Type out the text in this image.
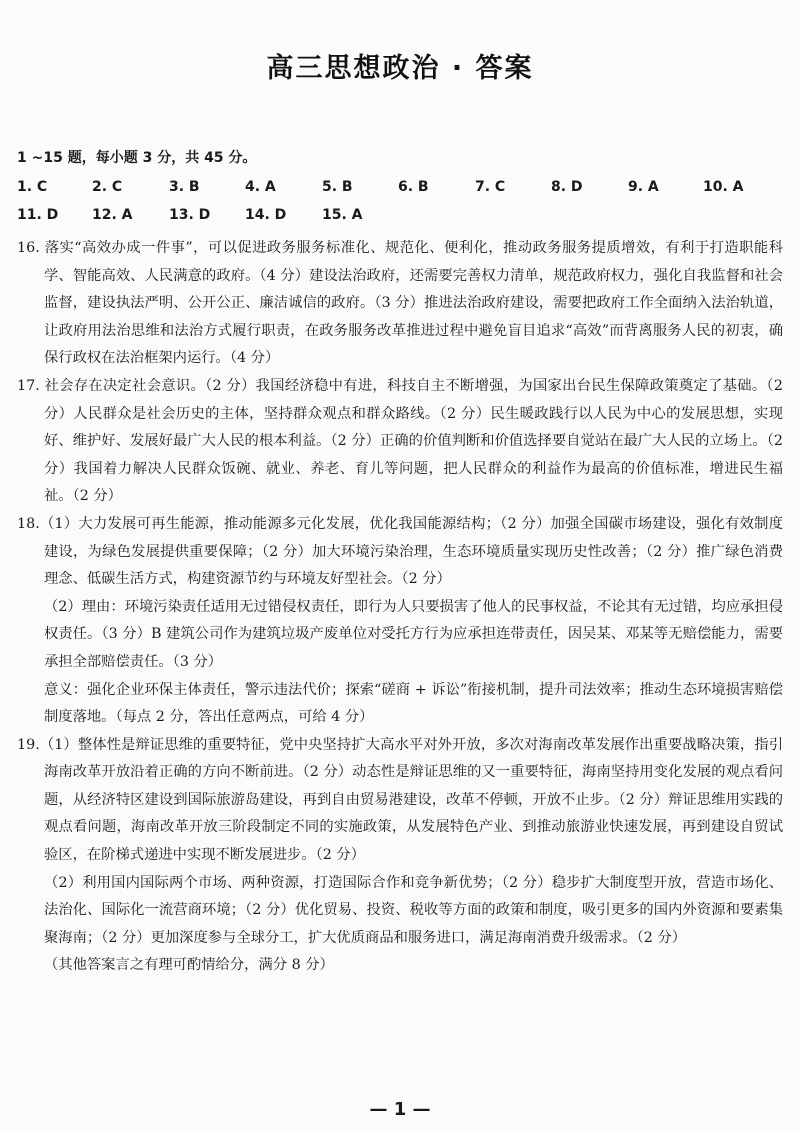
高三思想政治 · 答案
1 ~15 题，每小题 3 分，共 45 分。
1. C	2. C	3. B	4. A	5. B	6. B	7. C	8. D	9. A	10. A
11. D 12. A	13. D 14. D	15. A

16. 落实“高效办成一件事”，可以促进政务服务标准化、规范化、便利化，推动政务服务提质增效，有利于打造职能科学、智能高效、人民满意的政府。（4 分）建设法治政府，还需要完善权力清单，规范政府权力，强化自我监督和社会监督，建设执法严明、公开公正、廉洁诚信的政府。（3 分）推进法治政府建设，需要把政府工作全面纳入法治轨道，让政府用法治思维和法治方式履行职责，在政务服务改革推进过程中避免盲目追求“高效”而背离服务人民的初衷，确保行政权在法治框架内运行。（4 分）

17. 社会存在决定社会意识。（2 分）我国经济稳中有进，科技自主不断增强，为国家出台民生保障政策奠定了基础。（2 分）人民群众是社会历史的主体，坚持群众观点和群众路线。（2 分）民生暖政践行以人民为中心的发展思想，实现好、维护好、发展好最广大人民的根本利益。（2 分）正确的价值判断和价值选择要自觉站在最广大人民的立场上。（2 分）我国着力解决人民群众饭碗、就业、养老、育儿等问题，把人民群众的利益作为最高的价值标准，增进民生福祉。（2 分）

18.（1）大力发展可再生能源，推动能源多元化发展，优化我国能源结构；（2 分）加强全国碳市场建设，强化有效制度建设，为绿色发展提供重要保障；（2 分）加大环境污染治理，生态环境质量实现历史性改善；（2 分）推广绿色消费理念、低碳生活方式，构建资源节约与环境友好型社会。（2 分）

（2）理由：环境污染责任适用无过错侵权责任，即行为人只要损害了他人的民事权益，不论其有无过错，均应承担侵权责任。（3 分）B 建筑公司作为建筑垃圾产废单位对受托方行为应承担连带责任，因吴某、邓某等无赔偿能力，需要承担全部赔偿责任。（3 分）

意义：强化企业环保主体责任，警示违法代价；探索“磋商 + 诉讼”衔接机制，提升司法效率；推动生态环境损害赔偿制度落地。（每点 2 分，答出任意两点，可给 4 分）

19.（1）整体性是辩证思维的重要特征，党中央坚持扩大高水平对外开放，多次对海南改革发展作出重要战略决策，指引海南改革开放沿着正确的方向不断前进。（2 分）动态性是辩证思维的又一重要特征，海南坚持用变化发展的观点看问题，从经济特区建设到国际旅游岛建设，再到自由贸易港建设，改革不停顿，开放不止步。（2 分）辩证思维用实践的观点看问题，海南改革开放三阶段制定不同的实施政策，从发展特色产业、到推动旅游业快速发展，再到建设自贸试验区，在阶梯式递进中实现不断发展进步。（2 分）

（2）利用国内国际两个市场、两种资源，打造国际合作和竞争新优势；（2 分）稳步扩大制度型开放，营造市场化、法治化、国际化一流营商环境；（2 分）优化贸易、投资、税收等方面的政策和制度，吸引更多的国内外资源和要素集聚海南；（2 分）更加深度参与全球分工，扩大优质商品和服务进口，满足海南消费升级需求。（2 分）

（其他答案言之有理可酌情给分，满分 8 分）

— 1 —
